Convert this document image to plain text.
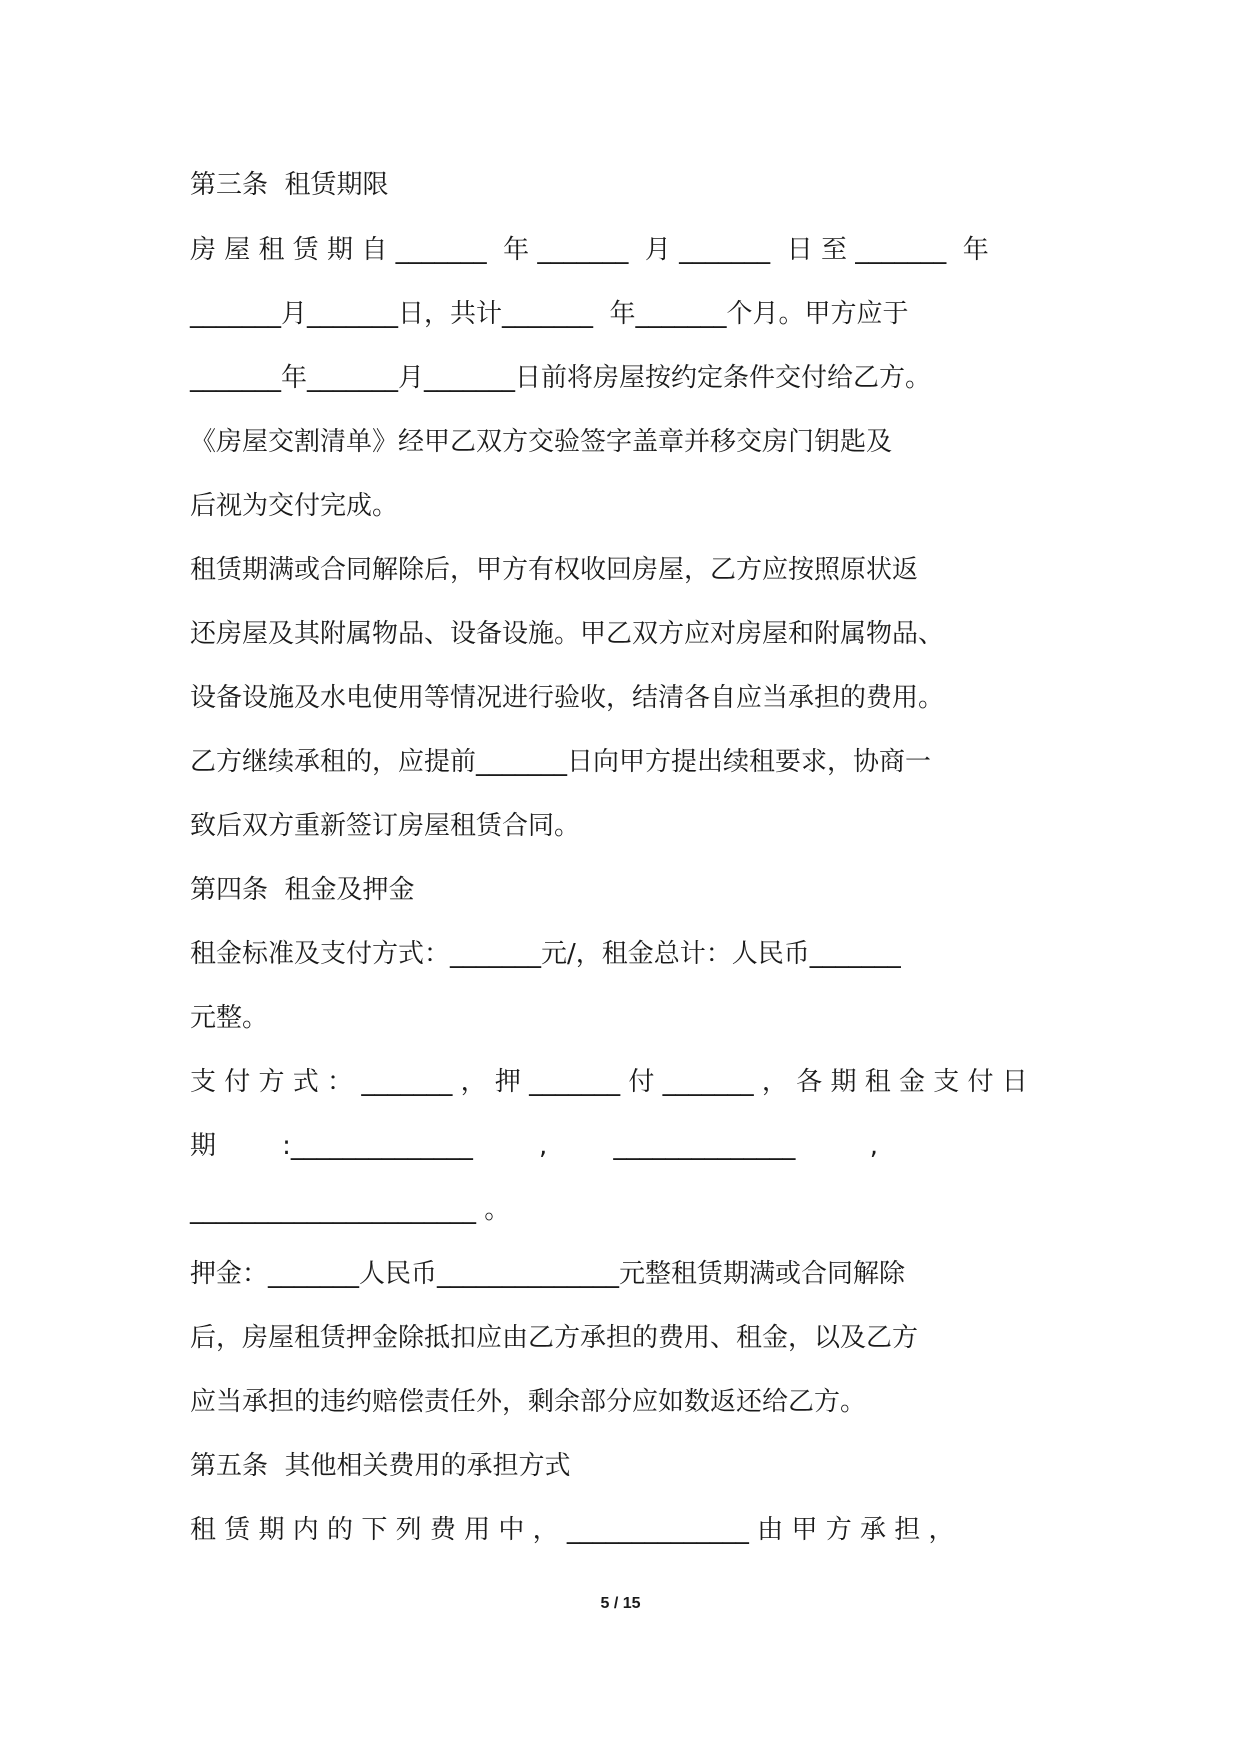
第三条  租赁期限
房 屋 租 赁 期 自 _______  年 _______  月 _______  日 至 _______  年
_______月_______日，共计_______  年_______个月。甲方应于
_______年_______月_______日前将房屋按约定条件交付给乙方。
《房屋交割清单》经甲乙双方交验签字盖章并移交房门钥匙及
后视为交付完成。
租赁期满或合同解除后，甲方有权收回房屋，乙方应按照原状返
还房屋及其附属物品、设备设施。甲乙双方应对房屋和附属物品、
设备设施及水电使用等情况进行验收，结清各自应当承担的费用。
乙方继续承租的，应提前_______日向甲方提出续租要求，协商一
致后双方重新签订房屋租赁合同。
第四条  租金及押金
租金标准及支付方式：_______元/，租金总计：人民币_______
元整。
支 付 方 式 ： _______ ， 押 _______ 付 _______ ， 各 期 租 金 支 付 日
期        :______________        ,        ______________         ,
______________________ 。
押金：_______人民币______________元整租赁期满或合同解除
后，房屋租赁押金除抵扣应由乙方承担的费用、租金，以及乙方
应当承担的违约赔偿责任外，剩余部分应如数返还给乙方。
第五条  其他相关费用的承担方式
租 赁 期 内 的 下 列 费 用 中 ， ______________ 由 甲 方 承 担 ，
5 / 15
